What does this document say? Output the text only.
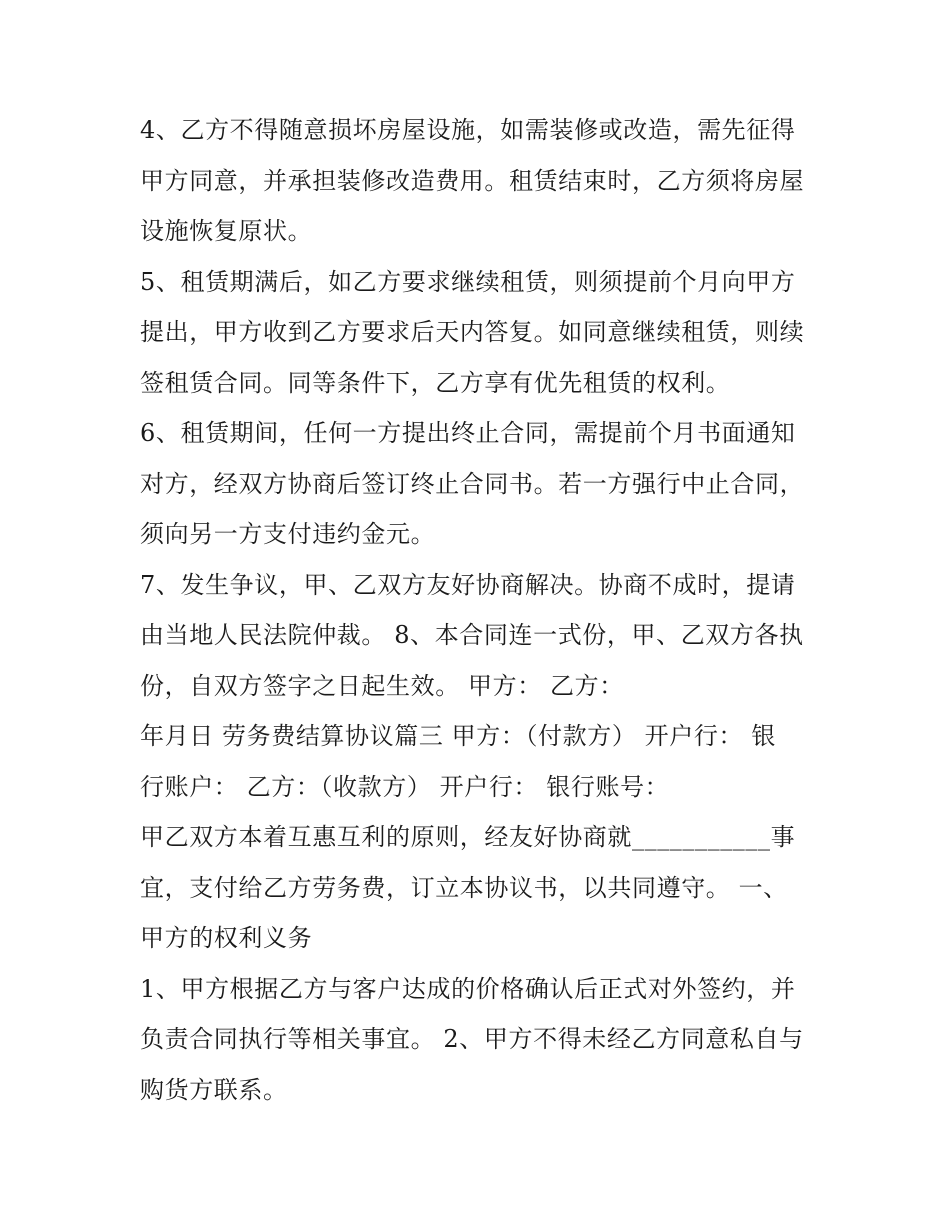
4、乙方不得随意损坏房屋设施，如需装修或改造，需先征得
甲方同意，并承担装修改造费用。租赁结束时，乙方须将房屋
设施恢复原状。
5、租赁期满后，如乙方要求继续租赁，则须提前个月向甲方
提出，甲方收到乙方要求后天内答复。如同意继续租赁，则续
签租赁合同。同等条件下，乙方享有优先租赁的权利。
6、租赁期间，任何一方提出终止合同，需提前个月书面通知
对方，经双方协商后签订终止合同书。若一方强行中止合同，
须向另一方支付违约金元。
7、发生争议，甲、乙双方友好协商解决。协商不成时，提请
由当地人民法院仲裁。 8、本合同连一式份，甲、乙双方各执
份，自双方签字之日起生效。 甲方： 乙方：
年月日 劳务费结算协议篇三 甲方：（付款方） 开户行： 银
行账户： 乙方：（收款方） 开户行： 银行账号：
甲乙双方本着互惠互利的原则，经友好协商就___________事
宜，支付给乙方劳务费，订立本协议书，以共同遵守。 一、
甲方的权利义务
1、甲方根据乙方与客户达成的价格确认后正式对外签约，并
负责合同执行等相关事宜。 2、甲方不得未经乙方同意私自与
购货方联系。
